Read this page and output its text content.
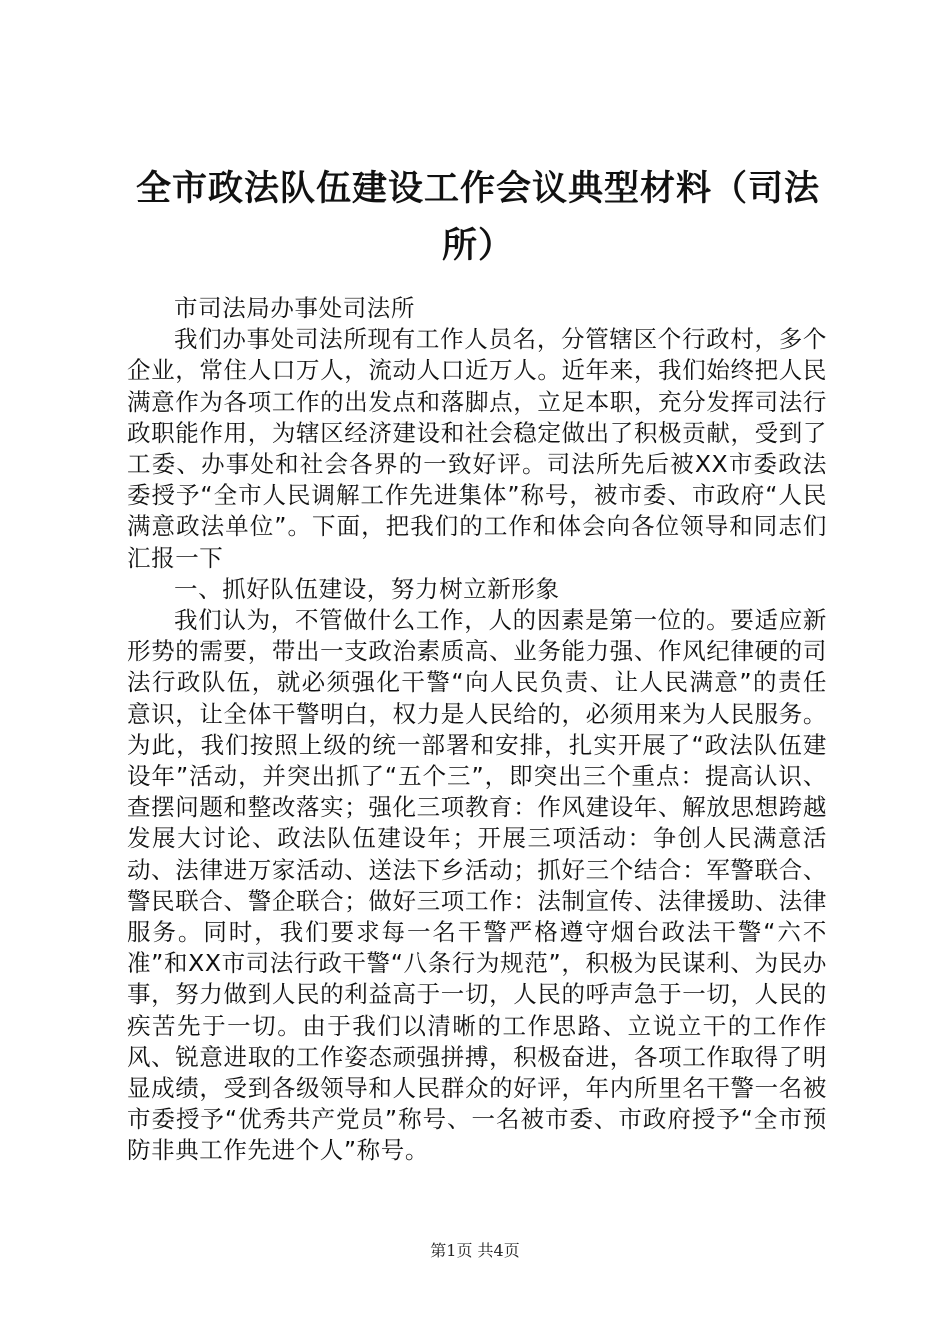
全市政法队伍建设工作会议典型材料（司法所）

市司法局办事处司法所

我们办事处司法所现有工作人员名，分管辖区个行政村，多个企业，常住人口万人，流动人口近万人。近年来，我们始终把人民满意作为各项工作的出发点和落脚点，立足本职，充分发挥司法行政职能作用，为辖区经济建设和社会稳定做出了积极贡献，受到了工委、办事处和社会各界的一致好评。司法所先后被XX市委政法委授予“全市人民调解工作先进集体”称号，被市委、市政府“人民满意政法单位”。下面，把我们的工作和体会向各位领导和同志们汇报一下

一、抓好队伍建设，努力树立新形象

我们认为，不管做什么工作，人的因素是第一位的。要适应新形势的需要，带出一支政治素质高、业务能力强、作风纪律硬的司法行政队伍，就必须强化干警“向人民负责、让人民满意”的责任意识，让全体干警明白，权力是人民给的，必须用来为人民服务。为此，我们按照上级的统一部署和安排，扎实开展了“政法队伍建设年”活动，并突出抓了“五个三”，即突出三个重点：提高认识、查摆问题和整改落实；强化三项教育：作风建设年、解放思想跨越发展大讨论、政法队伍建设年；开展三项活动：争创人民满意活动、法律进万家活动、送法下乡活动；抓好三个结合：军警联合、警民联合、警企联合；做好三项工作：法制宣传、法律援助、法律服务。同时，我们要求每一名干警严格遵守烟台政法干警“六不准”和XX市司法行政干警“八条行为规范”，积极为民谋利、为民办事，努力做到人民的利益高于一切，人民的呼声急于一切，人民的疾苦先于一切。由于我们以清晰的工作思路、立说立干的工作作风、锐意进取的工作姿态顽强拼搏，积极奋进，各项工作取得了明显成绩，受到各级领导和人民群众的好评，年内所里名干警一名被市委授予“优秀共产党员”称号、一名被市委、市政府授予“全市预防非典工作先进个人”称号。

第1页 共4页
